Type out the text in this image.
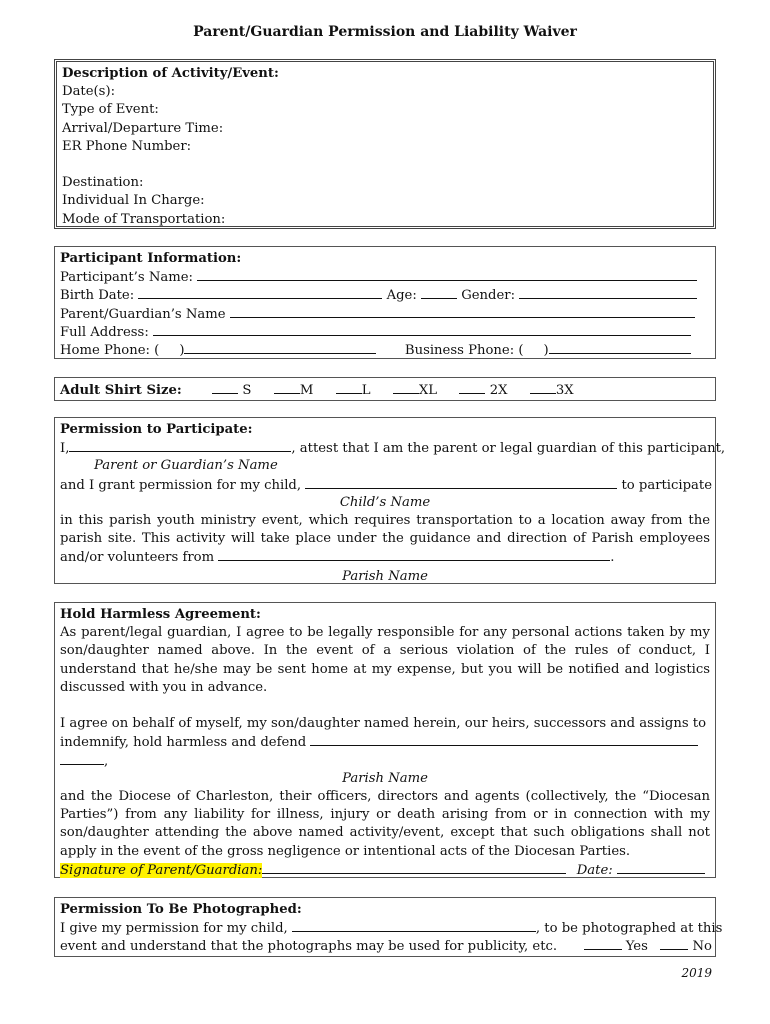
Parent/Guardian Permission and Liability Waiver
Description of Activity/Event:
Date(s):
Type of Event:
Arrival/Departure Time:
ER Phone Number:
Destination:
Individual In Charge:
Mode of Transportation:
Participant Information:
Participant’s Name:
Birth Date:	Age:	Gender:
Parent/Guardian’s Name
Full Address:
Home Phone: ( )	Business Phone: ( )
Adult Shirt Size:	S	M	L	XL	2X	3X
Permission to Participate:
I,	, attest that I am the parent or legal guardian of this participant,
Parent or Guardian’s Name
and I grant permission for my child,	to participate
Child’s Name
in this parish youth ministry event, which requires transportation to a location away from the parish site. This activity will take place under the guidance and direction of Parish employees and/or volunteers from	.
Parish Name
Hold Harmless Agreement:
As parent/legal guardian, I agree to be legally responsible for any personal actions taken by my son/daughter named above. In the event of a serious violation of the rules of conduct, I understand that he/she may be sent home at my expense, but you will be notified and logistics discussed with you in advance.
I agree on behalf of myself, my son/daughter named herein, our heirs, successors and assigns to
indemnify, hold harmless and defend
,
Parish Name
and the Diocese of Charleston, their officers, directors and agents (collectively, the “Diocesan Parties”) from any liability for illness, injury or death arising from or in connection with my son/daughter attending the above named activity/event, except that such obligations shall not apply in the event of the gross negligence or intentional acts of the Diocesan Parties.
Signature of Parent/Guardian:	Date:
Permission To Be Photographed:
I give my permission for my child,	, to be photographed at this
event and understand that the photographs may be used for publicity, etc.	Yes	No
2019
